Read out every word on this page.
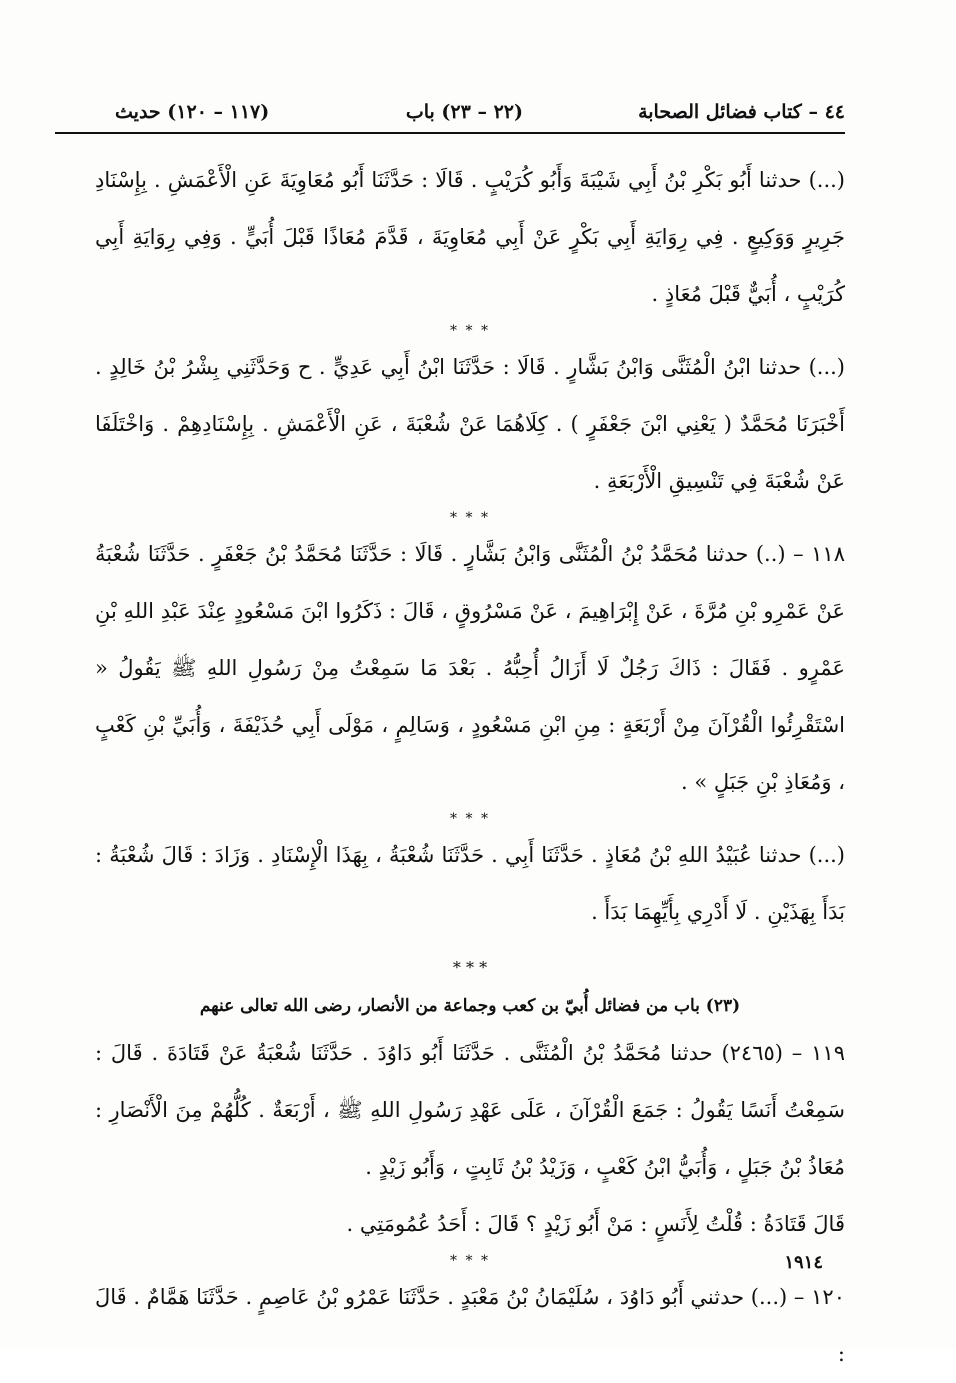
٤٤ – كتاب فضائل الصحابة
(٢٢ – ٢٣) باب
(١١٧ – ١٢٠) حديث

(...) حدثنا أَبُو بَكْرِ بْنُ أَبِي شَيْبَةَ وَأَبُو كُرَيْبٍ . قَالَا : حَدَّثَنَا أَبُو مُعَاوِيَةَ عَنِ الْأَعْمَشِ . بِإِسْنَادِ جَرِيرٍ وَوَكِيعٍ . فِي رِوَايَةِ أَبِي بَكْرٍ عَنْ أَبِي مُعَاوِيَةَ ، قَدَّمَ مُعَاذًا قَبْلَ أُبَيٍّ . وَفِي رِوَايَةِ أَبِي كُرَيْبٍ ، أُبَيٌّ قَبْلَ مُعَاذٍ .

* * *

(...) حدثنا ابْنُ الْمُثَنَّى وَابْنُ بَشَّارٍ . قَالَا : حَدَّثَنَا ابْنُ أَبِي عَدِيٍّ . ح وَحَدَّثَنِي بِشْرُ بْنُ خَالِدٍ . أَخْبَرَنَا مُحَمَّدٌ ( يَعْنِي ابْنَ جَعْفَرٍ ) . كِلَاهُمَا عَنْ شُعْبَةَ ، عَنِ الْأَعْمَشِ . بِإِسْنَادِهِمْ . وَاخْتَلَفَا عَنْ شُعْبَةَ فِي تَنْسِيقِ الْأَرْبَعَةِ .

* * *

١١٨ – (..) حدثنا مُحَمَّدُ بْنُ الْمُثَنَّى وَابْنُ بَشَّارٍ . قَالَا : حَدَّثَنَا مُحَمَّدُ بْنُ جَعْفَرٍ . حَدَّثَنَا شُعْبَةُ عَنْ عَمْرِو بْنِ مُرَّةَ ، عَنْ إِبْرَاهِيمَ ، عَنْ مَسْرُوقٍ ، قَالَ : ذَكَرُوا ابْنَ مَسْعُودٍ عِنْدَ عَبْدِ اللهِ بْنِ عَمْرٍو . فَقَالَ : ذَاكَ رَجُلٌ لَا أَزَالُ أُحِبُّهُ . بَعْدَ مَا سَمِعْتُ مِنْ رَسُولِ اللهِ ﷺ يَقُولُ « اسْتَقْرِئُوا الْقُرْآنَ مِنْ أَرْبَعَةٍ : مِنِ ابْنِ مَسْعُودٍ ، وَسَالِمٍ ، مَوْلَى أَبِي حُذَيْفَةَ ، وَأُبَيِّ بْنِ كَعْبٍ ، وَمُعَاذِ بْنِ جَبَلٍ » .

* * *

(...) حدثنا عُبَيْدُ اللهِ بْنُ مُعَاذٍ . حَدَّثَنَا أَبِي . حَدَّثَنَا شُعْبَةُ ، بِهَذَا الْإِسْنَادِ . وَزَادَ : قَالَ شُعْبَةُ : بَدَأَ بِهَذَيْنِ . لَا أَدْرِي بِأَيِّهِمَا بَدَأَ .

* * *

(٢٣) باب من فضائل أُبيّ بن كعب وجماعة من الأنصار، رضى الله تعالى عنهم

١١٩ – (٢٤٦٥) حدثنا مُحَمَّدُ بْنُ الْمُثَنَّى . حَدَّثَنَا أَبُو دَاوُدَ . حَدَّثَنَا شُعْبَةُ عَنْ قَتَادَةَ . قَالَ : سَمِعْتُ أَنَسًا يَقُولُ : جَمَعَ الْقُرْآنَ ، عَلَى عَهْدِ رَسُولِ اللهِ ﷺ ، أَرْبَعَةٌ . كُلُّهُمْ مِنَ الْأَنْصَارِ : مُعَاذُ بْنُ جَبَلٍ ، وَأُبَيُّ ابْنُ كَعْبٍ ، وَزَيْدُ بْنُ ثَابِتٍ ، وَأَبُو زَيْدٍ .

قَالَ قَتَادَةُ : قُلْتُ لِأَنَسٍ : مَنْ أَبُو زَيْدٍ ؟ قَالَ : أَحَدُ عُمُومَتِي .

* * *

١٢٠ – (...) حدثني أَبُو دَاوُدَ ، سُلَيْمَانُ بْنُ مَعْبَدٍ . حَدَّثَنَا عَمْرُو بْنُ عَاصِمٍ . حَدَّثَنَا هَمَّامٌ . قَالَ :

١٩١٤
